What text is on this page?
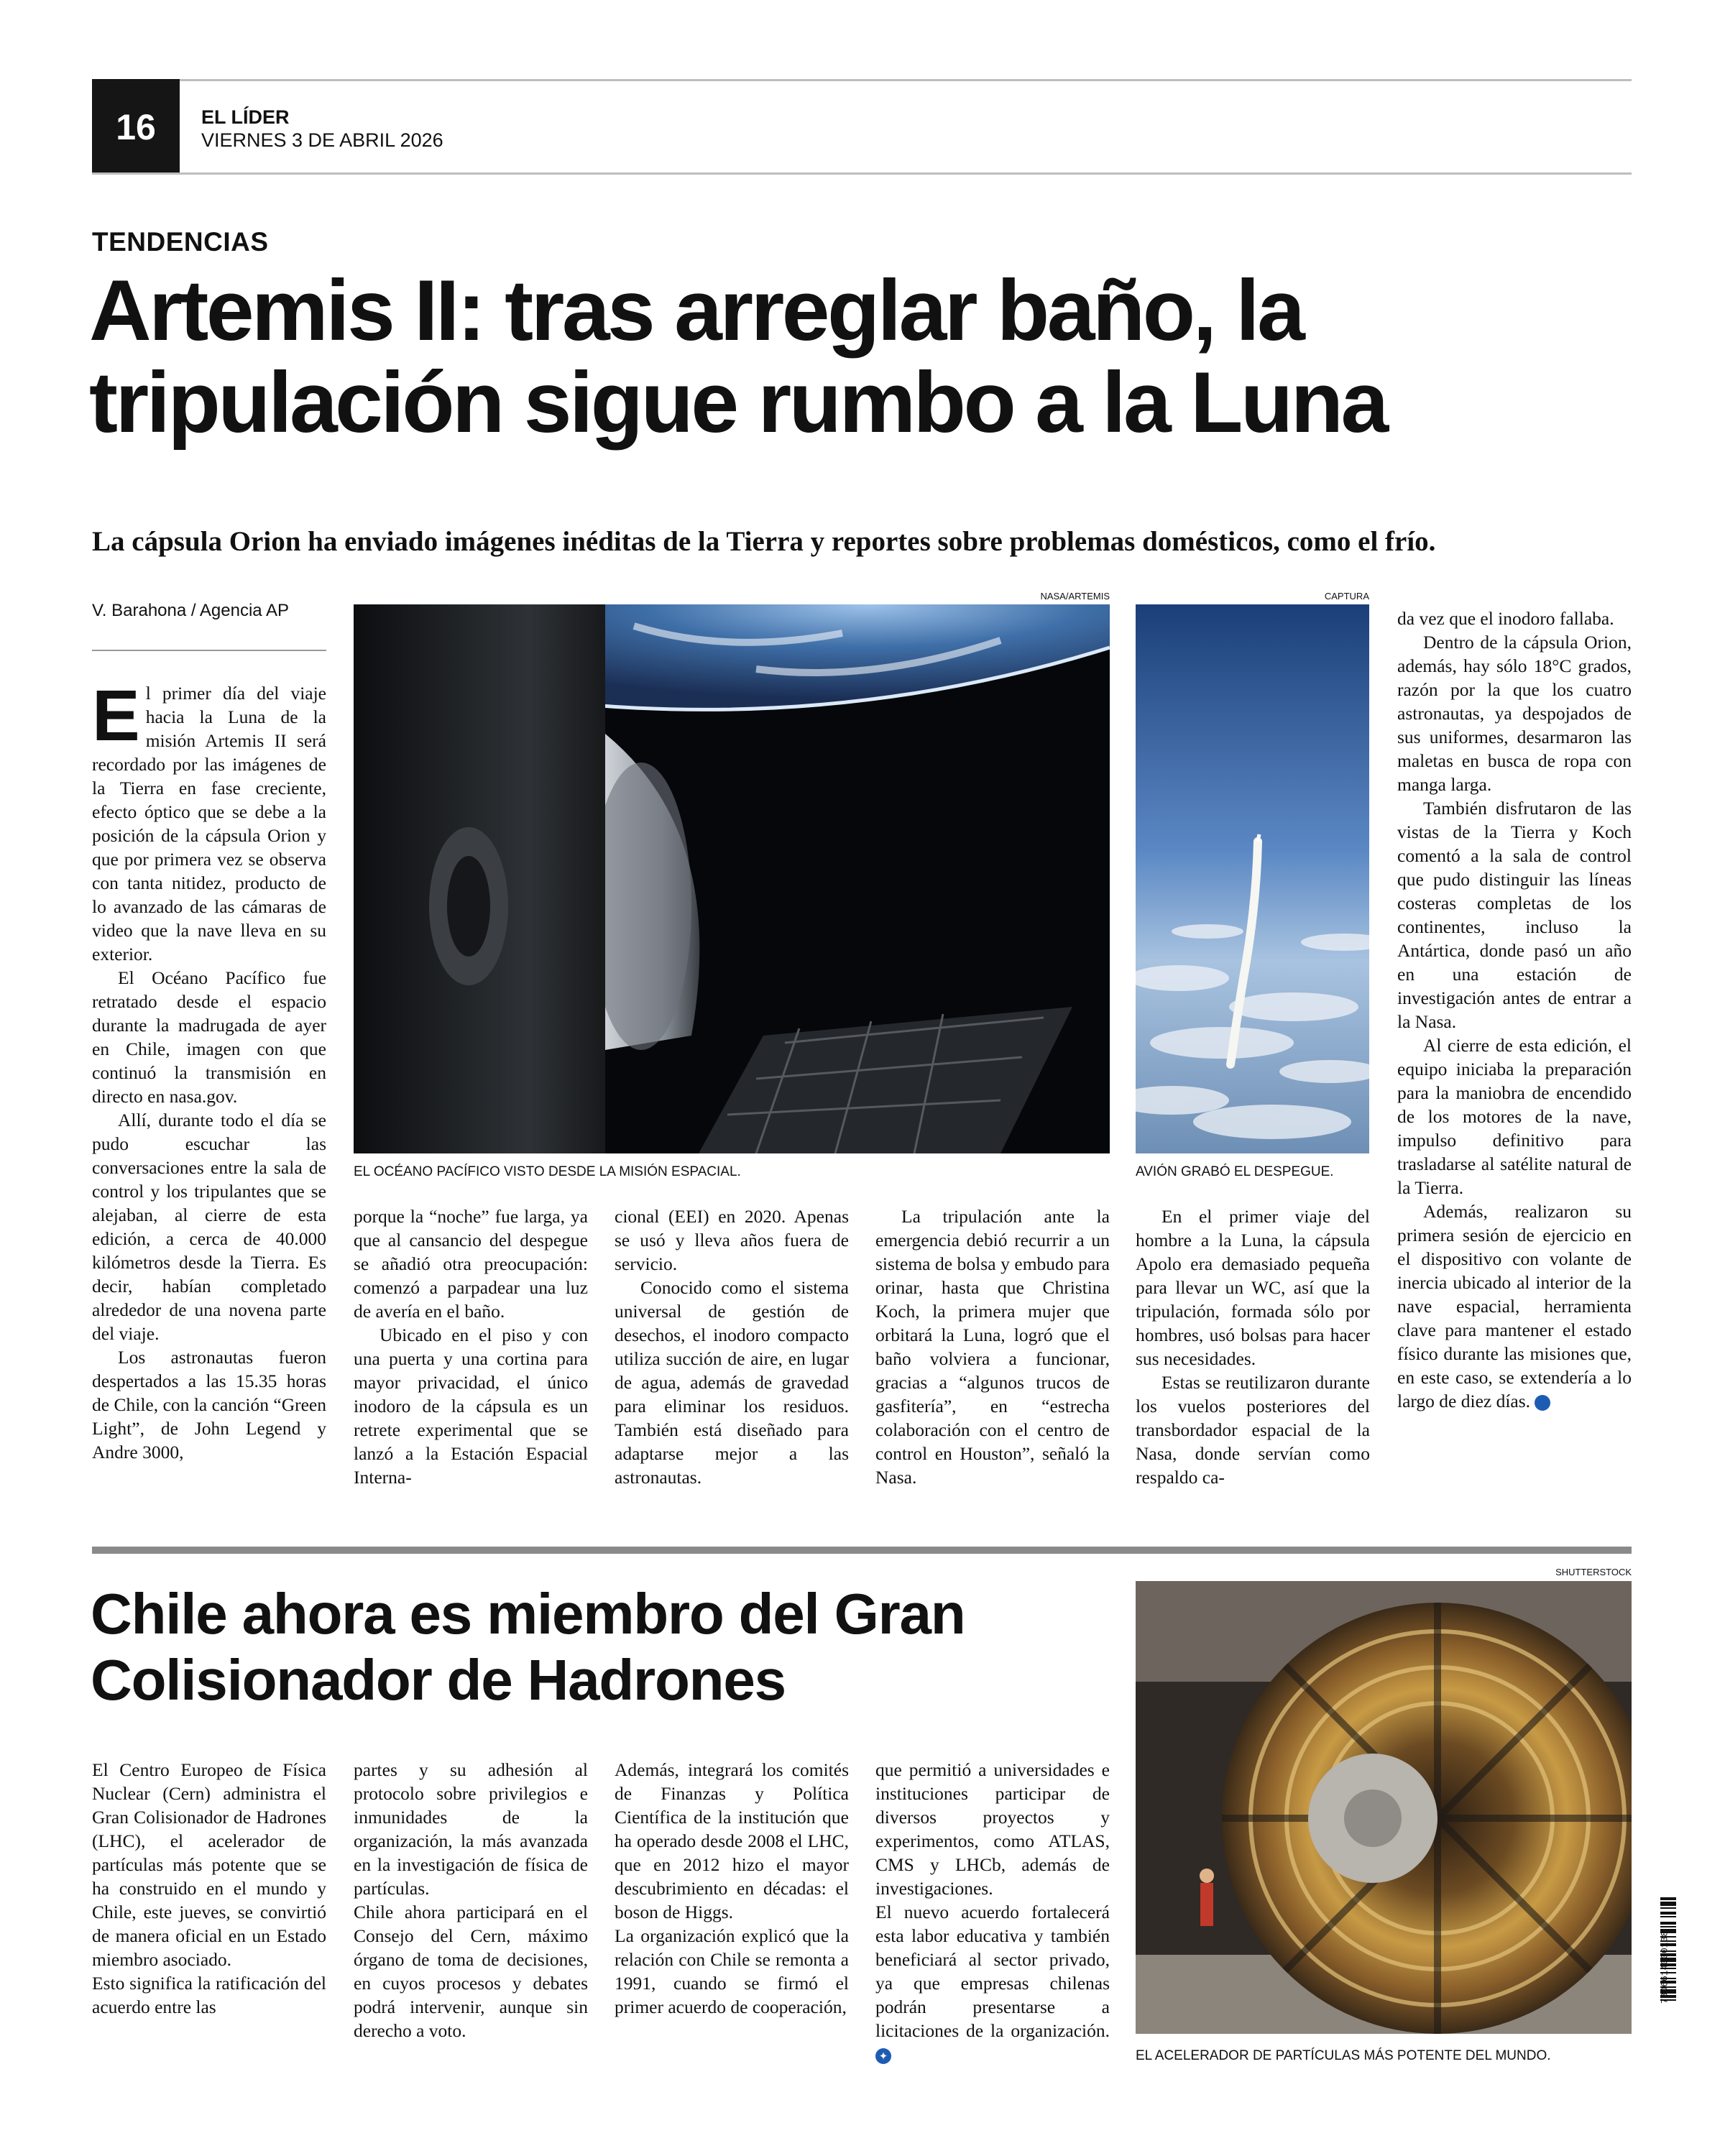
16	EL LÍDER
VIERNES 3 DE ABRIL 2026
TENDENCIAS
Artemis II: tras arreglar baño, la
tripulación sigue rumbo a la Luna
La cápsula Orion ha enviado imágenes inéditas de la Tierra y reportes sobre problemas domésticos, como el frío.
V. Barahona / Agencia AP
NASA/ARTEMIS
EL OCÉANO PACÍFICO VISTO DESDE LA MISIÓN ESPACIAL.
CAPTURA
AVIÓN GRABÓ EL DESPEGUE.

El primer día del viaje hacia la Luna de la misión Artemis II será recordado por las imágenes de la Tierra en fase creciente, efecto óptico que se debe a la posición de la cápsula Orion y que por primera vez se observa con tanta nitidez, producto de lo avanzado de las cámaras de video que la nave lleva en su exterior.

El Océano Pacífico fue retratado desde el espacio durante la madrugada de ayer en Chile, imagen con que continuó la transmisión en directo en nasa.gov.

Allí, durante todo el día se pudo escuchar las conversaciones entre la sala de control y los tripulantes que se alejaban, al cierre de esta edición, a cerca de 40.000 kilómetros desde la Tierra. Es decir, habían completado alrededor de una novena parte del viaje.

Los astronautas fueron despertados a las 15.35 horas de Chile, con la canción “Green Light”, de John Legend y Andre 3000,

porque la “noche” fue larga, ya que al cansancio del despegue se añadió otra preocupación: comenzó a parpadear una luz de avería en el baño.

Ubicado en el piso y con una puerta y una cortina para mayor privacidad, el único inodoro de la cápsula es un retrete experimental que se lanzó a la Estación Espacial Interna-

cional (EEI) en 2020. Apenas se usó y lleva años fuera de servicio.

Conocido como el sistema universal de gestión de desechos, el inodoro compacto utiliza succión de aire, en lugar de agua, además de gravedad para eliminar los residuos. También está diseñado para adaptarse mejor a las astronautas.

La tripulación ante la emergencia debió recurrir a un sistema de bolsa y embudo para orinar, hasta que Christina Koch, la primera mujer que orbitará la Luna, logró que el baño volviera a funcionar, gracias a “algunos trucos de gasfitería”, en “estrecha colaboración con el centro de control en Houston”, señaló la Nasa.

En el primer viaje del hombre a la Luna, la cápsula Apolo era demasiado pequeña para llevar un WC, así que la tripulación, formada sólo por hombres, usó bolsas para hacer sus necesidades.

Estas se reutilizaron durante los vuelos posteriores del transbordador espacial de la Nasa, donde servían como respaldo ca-

da vez que el inodoro fallaba.

Dentro de la cápsula Orion, además, hay sólo 18°C grados, razón por la que los cuatro astronautas, ya despojados de sus uniformes, desarmaron las maletas en busca de ropa con manga larga.

También disfrutaron de las vistas de la Tierra y Koch comentó a la sala de control que pudo distinguir las líneas costeras completas de los continentes, incluso la Antártica, donde pasó un año en una estación de investigación antes de entrar a la Nasa.

Al cierre de esta edición, el equipo iniciaba la preparación para la maniobra de encendido de los motores de la nave, impulso definitivo para trasladarse al satélite natural de la Tierra.

Además, realizaron su primera sesión de ejercicio en el dispositivo con volante de inercia ubicado al interior de la nave espacial, herramienta clave para mantener el estado físico durante las misiones que, en este caso, se extendería a lo largo de diez días.	✦

Chile ahora es miembro del Gran
Colisionador de Hadrones

El Centro Europeo de Física Nuclear (Cern) administra el Gran Colisionador de Hadrones (LHC), el acelerador de partículas más potente que se ha construido en el mundo y Chile, este jueves, se convirtió de manera oficial en un Estado miembro asociado.

Esto significa la ratificación del acuerdo entre las

partes y su adhesión al protocolo sobre privilegios e inmunidades de la organización, la más avanzada en la investigación de física de partículas.

Chile ahora participará en el Consejo del Cern, máximo órgano de toma de decisiones, en cuyos procesos y debates podrá intervenir, aunque sin derecho a voto.

Además, integrará los comités de Finanzas y Política Científica de la institución que ha operado desde 2008 el LHC, que en 2012 hizo el mayor descubrimiento en décadas: el boson de Higgs.

La organización explicó que la relación con Chile se remonta a 1991, cuando se firmó el primer acuerdo de cooperación,

que permitió a universidades e instituciones participar de diversos proyectos y experimentos, como ATLAS, CMS y LHCb, además de investigaciones.

El nuevo acuerdo fortalecerá esta labor educativa y también beneficiará al sector privado, ya que empresas chilenas podrán presentarse a licitaciones de la organización. ✦

SHUTTERSTOCK
EL ACELERADOR DE PARTÍCULAS MÁS POTENTE DEL MUNDO.
7806614000138
